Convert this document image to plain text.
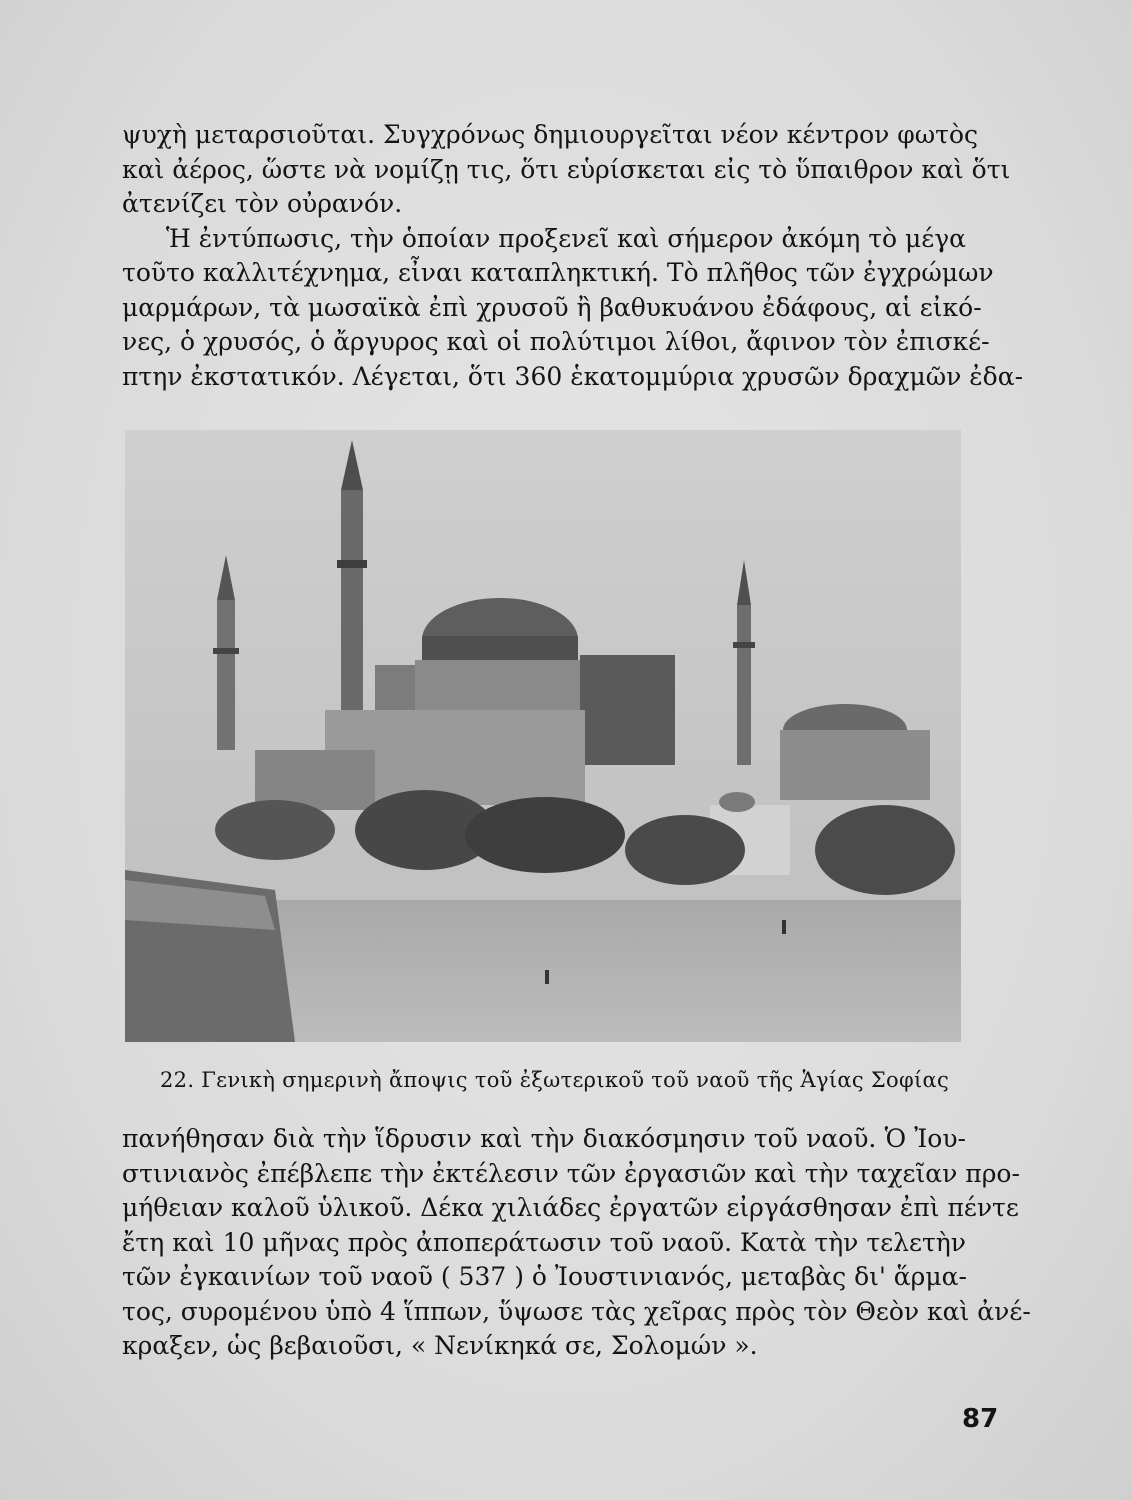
ψυχὴ μεταρσιοῦται. Συγχρόνως δημιουργεῖται νέον κέντρον φωτὸς
καὶ ἀέρος, ὥστε νὰ νομίζῃ τις, ὅτι εὑρίσκεται εἰς τὸ ὕπαιθρον καὶ ὅτι
ἀτενίζει τὸν οὐρανόν.
Ἡ ἐντύπωσις, τὴν ὁποίαν προξενεῖ καὶ σήμερον ἀκόμη τὸ μέγα
τοῦτο καλλιτέχνημα, εἶναι καταπληκτική. Τὸ πλῆθος τῶν ἐγχρώμων
μαρμάρων, τὰ μωσαϊκὰ ἐπὶ χρυσοῦ ἢ βαθυκυάνου ἐδάφους, αἱ εἰκό-
νες, ὁ χρυσός, ὁ ἄργυρος καὶ οἱ πολύτιμοι λίθοι, ἄφινον τὸν ἐπισκέ-
πτην ἐκστατικόν. Λέγεται, ὅτι 360 ἑκατομμύρια χρυσῶν δραχμῶν ἐδα-
22. Γενικὴ σημερινὴ ἄποψις τοῦ ἐξωτερικοῦ τοῦ ναοῦ τῆς Ἁγίας Σοφίας
πανήθησαν διὰ τὴν ἵδρυσιν καὶ τὴν διακόσμησιν τοῦ ναοῦ. Ὁ Ἰου-
στινιανὸς ἐπέβλεπε τὴν ἐκτέλεσιν τῶν ἐργασιῶν καὶ τὴν ταχεῖαν προ-
μήθειαν καλοῦ ὑλικοῦ. Δέκα χιλιάδες ἐργατῶν εἰργάσθησαν ἐπὶ πέντε
ἔτη καὶ 10 μῆνας πρὸς ἀποπεράτωσιν τοῦ ναοῦ. Κατὰ τὴν τελετὴν
τῶν ἐγκαινίων τοῦ ναοῦ ( 537 ) ὁ Ἰουστινιανός, μεταβὰς δι' ἅρμα-
τος, συρομένου ὑπὸ 4 ἵππων, ὕψωσε τὰς χεῖρας πρὸς τὸν Θεὸν καὶ ἀνέ-
κραξεν, ὡς βεβαιοῦσι, « Νενίκηκά σε, Σολομών ».
87
